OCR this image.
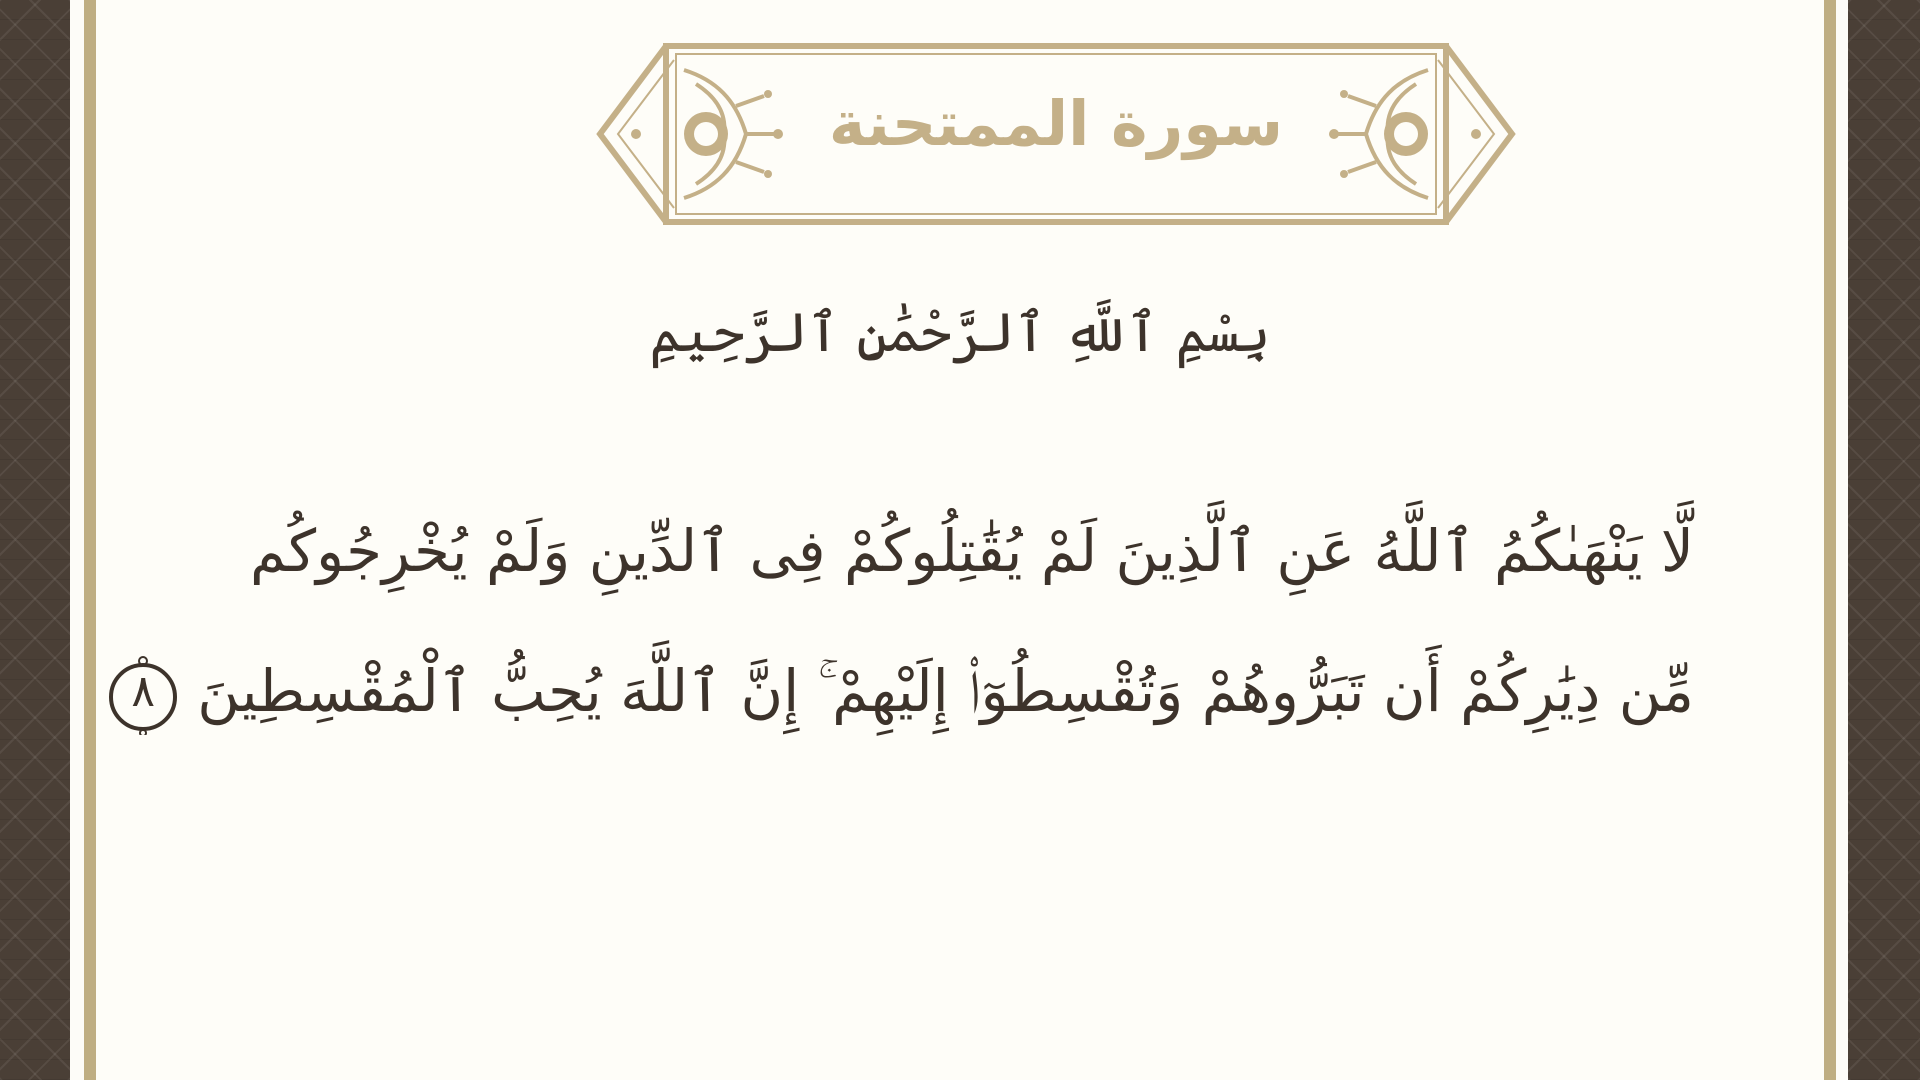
سورة الممتحنة
بِسْمِ ٱللَّهِ ٱلرَّحْمَٰنِ ٱلرَّحِيمِ
لَّا يَنْهَىٰكُمُ ٱللَّهُ عَنِ ٱلَّذِينَ لَمْ يُقَٰتِلُوكُمْ فِى ٱلدِّينِ وَلَمْ يُخْرِجُوكُم
مِّن دِيَٰرِكُمْ أَن تَبَرُّوهُمْ وَتُقْسِطُوٓا۟ إِلَيْهِمْ ۚ إِنَّ ٱللَّهَ يُحِبُّ ٱلْمُقْسِطِينَ
٨
